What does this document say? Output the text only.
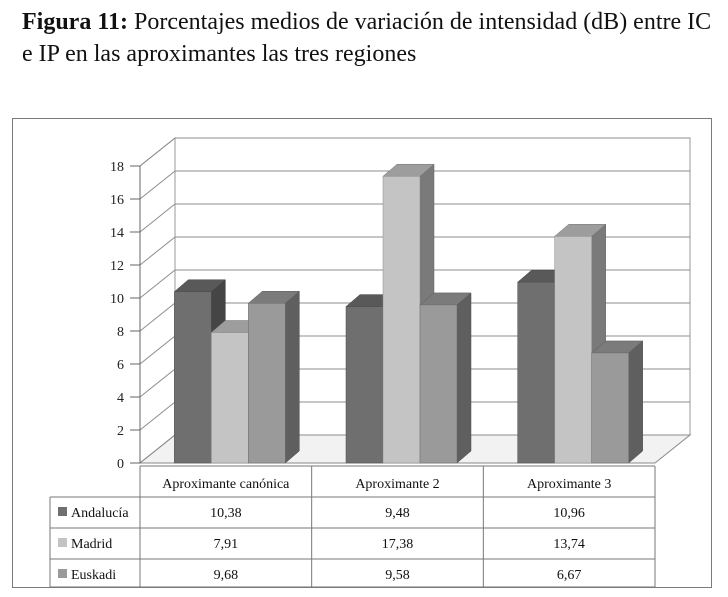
Figura 11: Porcentajes medios de variación de intensidad (dB) entre IC e IP en las aproximantes las tres regiones
0
2
4
6
8
10
12
14
16
18
Aproximante canónica	Aproximante 2	Aproximante 3
Andalucía	10,38	9,48	10,96
Madrid	7,91	17,38	13,74
Euskadi	9,68	9,58	6,67
